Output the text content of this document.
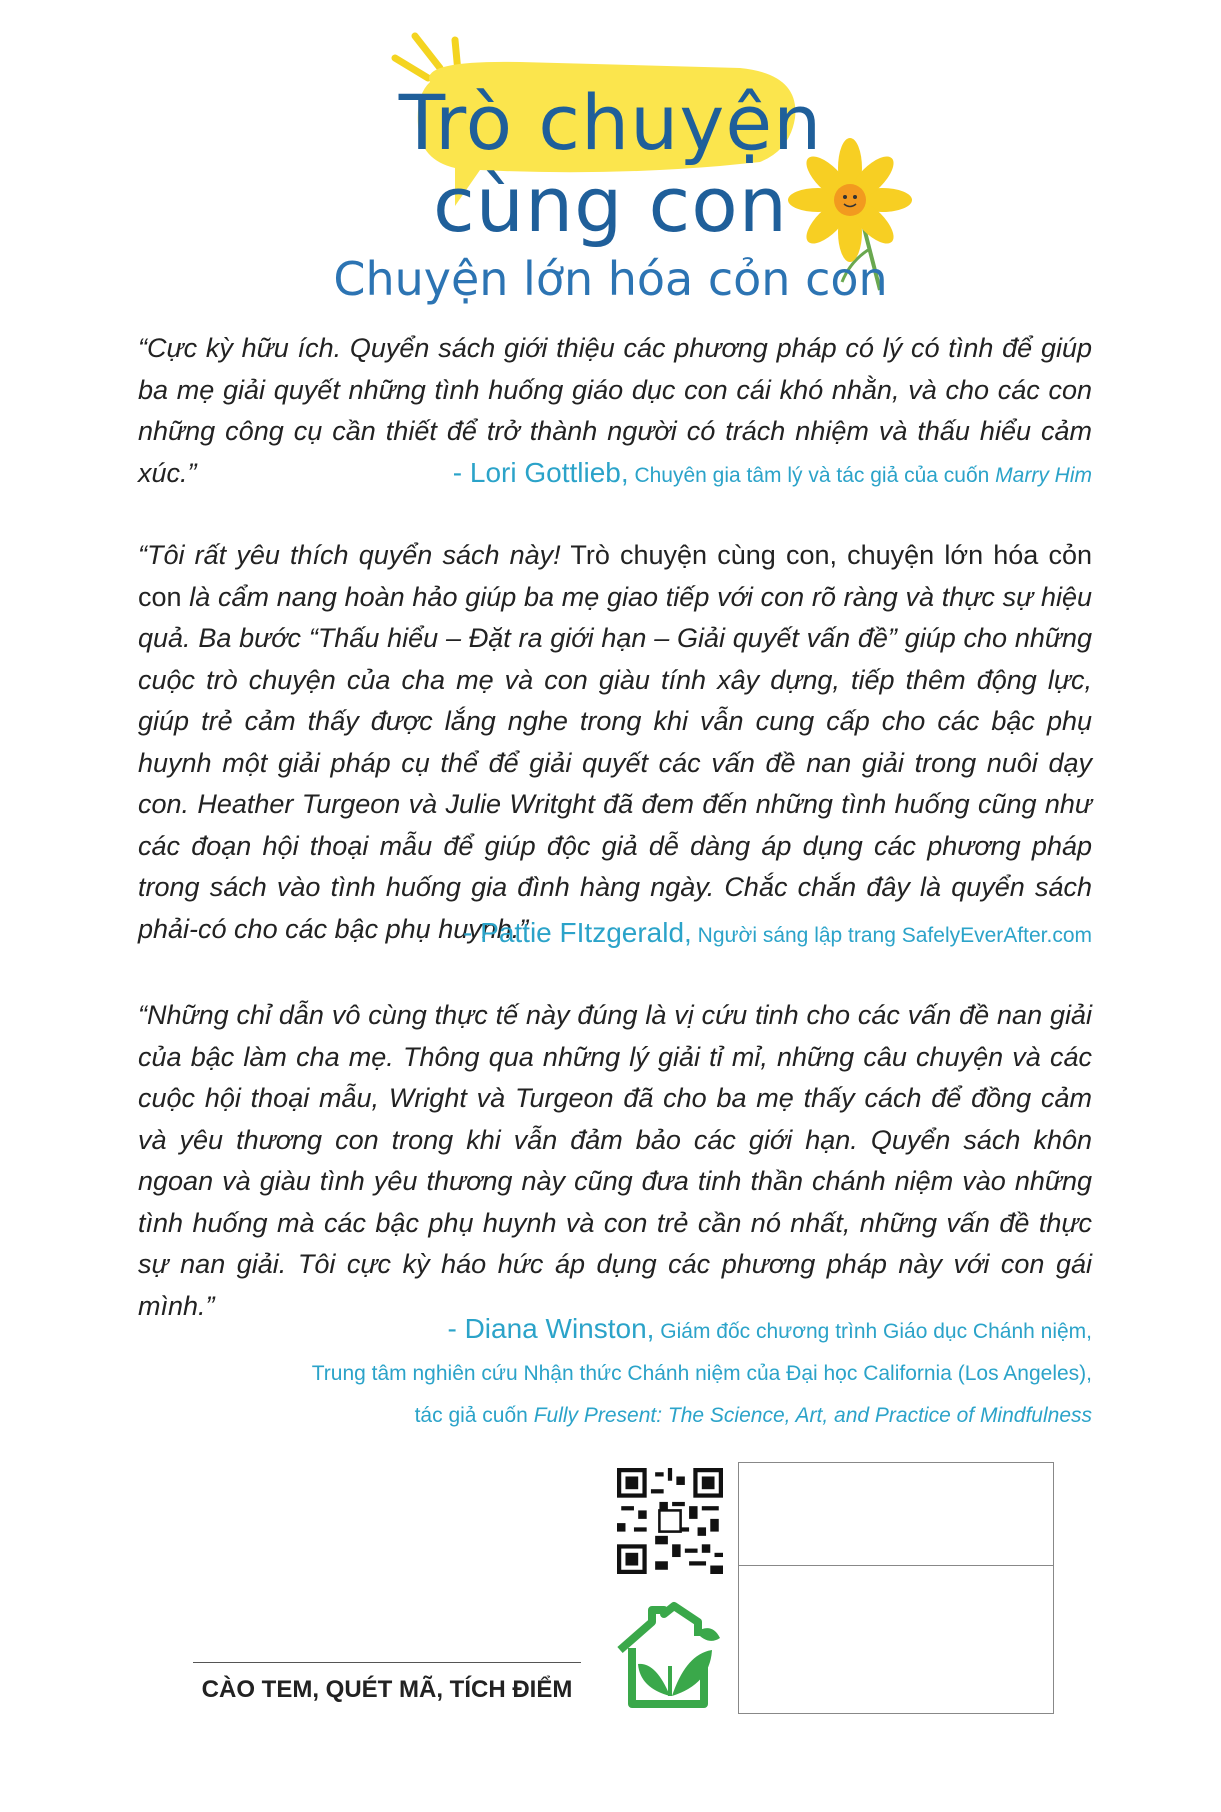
Trò chuyện
cùng con
Chuyện lớn hóa cỏn con
“Cực kỳ hữu ích. Quyển sách giới thiệu các phương pháp có lý có tình để giúp ba mẹ giải quyết những tình huống giáo dục con cái khó nhằn, và cho các con những công cụ cần thiết để trở thành người có trách nhiệm và thấu hiểu cảm xúc.”	- Lori Gottlieb, Chuyên gia tâm lý và tác giả của cuốn Marry Him
“Tôi rất yêu thích quyển sách này! Trò chuyện cùng con, chuyện lớn hóa cỏn con là cẩm nang hoàn hảo giúp ba mẹ giao tiếp với con rõ ràng và thực sự hiệu quả. Ba bước “Thấu hiểu – Đặt ra giới hạn – Giải quyết vấn đề” giúp cho những cuộc trò chuyện của cha mẹ và con giàu tính xây dựng, tiếp thêm động lực, giúp trẻ cảm thấy được lắng nghe trong khi vẫn cung cấp cho các bậc phụ huynh một giải pháp cụ thể để giải quyết các vấn đề nan giải trong nuôi dạy con. Heather Turgeon và Julie Writght đã đem đến những tình huống cũng như các đoạn hội thoại mẫu để giúp độc giả dễ dàng áp dụng các phương pháp trong sách vào tình huống gia đình hàng ngày. Chắc chắn đây là quyển sách phải-có cho các bậc phụ huynh.”
- Pattie FItzgerald, Người sáng lập trang SafelyEverAfter.com
“Những chỉ dẫn vô cùng thực tế này đúng là vị cứu tinh cho các vấn đề nan giải của bậc làm cha mẹ. Thông qua những lý giải tỉ mỉ, những câu chuyện và các cuộc hội thoại mẫu, Wright và Turgeon đã cho ba mẹ thấy cách để đồng cảm và yêu thương con trong khi vẫn đảm bảo các giới hạn. Quyển sách khôn ngoan và giàu tình yêu thương này cũng đưa tinh thần chánh niệm vào những tình huống mà các bậc phụ huynh và con trẻ cần nó nhất, những vấn đề thực sự nan giải. Tôi cực kỳ háo hức áp dụng các phương pháp này với con gái mình.”
- Diana Winston, Giám đốc chương trình Giáo dục Chánh niệm,
Trung tâm nghiên cứu Nhận thức Chánh niệm của Đại học California (Los Angeles),
tác giả cuốn Fully Present: The Science, Art, and Practice of Mindfulness
CÀO TEM, QUÉT MÃ, TÍCH ĐIỂM
